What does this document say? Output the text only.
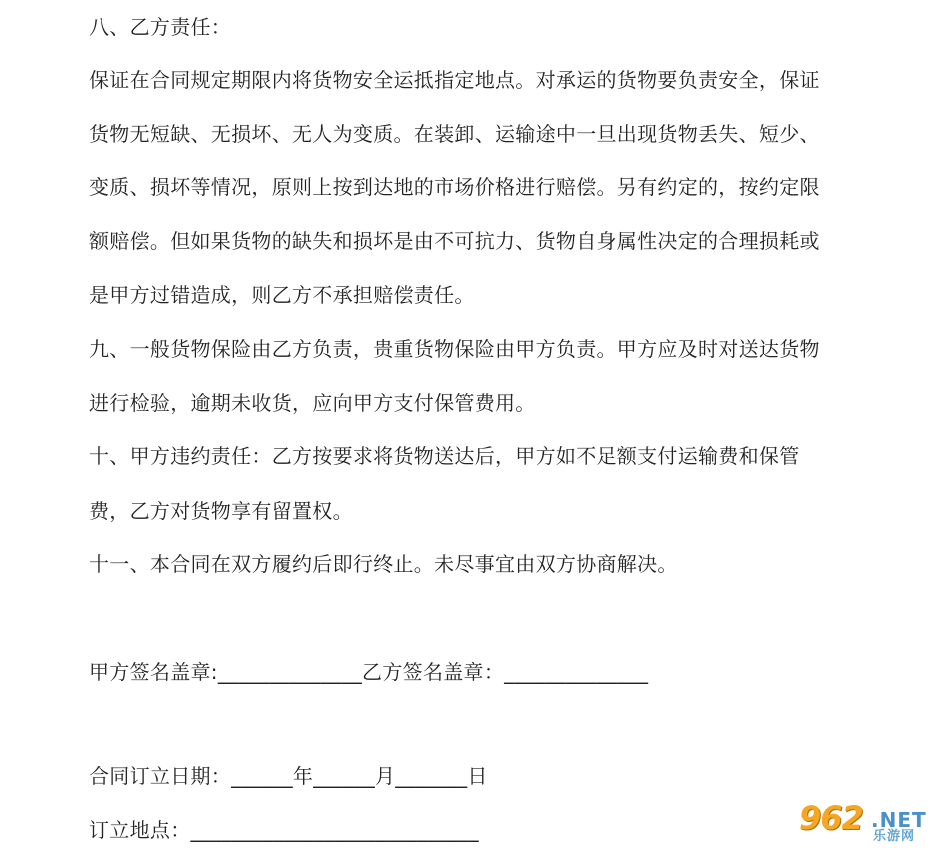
八、乙方责任：
保证在合同规定期限内将货物安全运抵指定地点。对承运的货物要负责安全，保证
货物无短缺、无损坏、无人为变质。在装卸、运输途中一旦出现货物丢失、短少、
变质、损坏等情况，原则上按到达地的市场价格进行赔偿。另有约定的，按约定限
额赔偿。但如果货物的缺失和损坏是由不可抗力、货物自身属性决定的合理损耗或
是甲方过错造成，则乙方不承担赔偿责任。
九、一般货物保险由乙方负责，贵重货物保险由甲方负责。甲方应及时对送达货物
进行检验，逾期未收货，应向甲方支付保管费用。
十、甲方违约责任：乙方按要求将货物送达后，甲方如不足额支付运输费和保管
费，乙方对货物享有留置权。
十一、本合同在双方履约后即行终止。未尽事宜由双方协商解决。
甲方签名盖章:______________乙方签名盖章：______________
合同订立日期：______年______月_______日
订立地点：____________________________	962 .NET
乐游网
